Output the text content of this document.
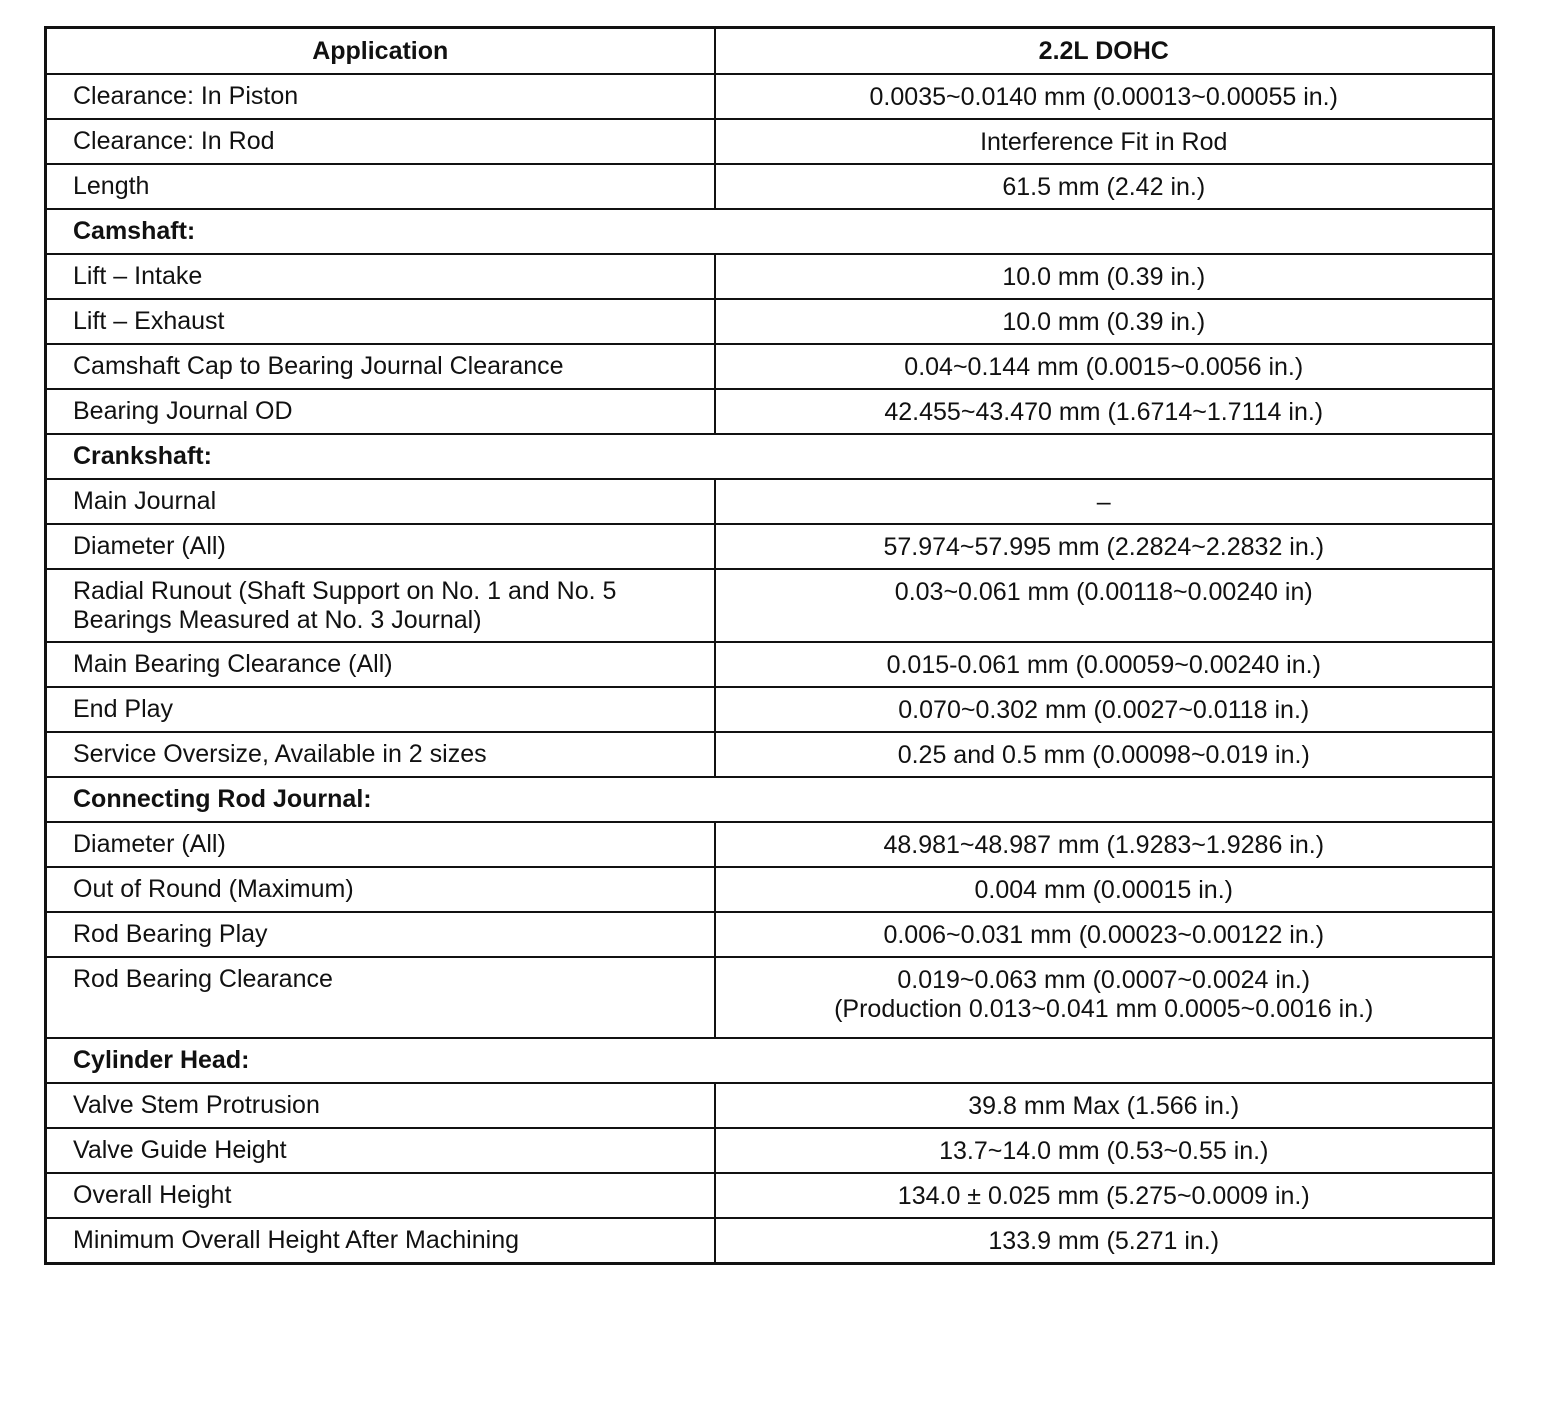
Application	2.2L DOHC
Clearance: In Piston	0.0035~0.0140 mm (0.00013~0.00055 in.)

Clearance: In Rod	Interference Fit in Rod

Length	61.5 mm (2.42 in.)

Camshaft:	
Lift – Intake	10.0 mm (0.39 in.)

Lift – Exhaust	10.0 mm (0.39 in.)

Camshaft Cap to Bearing Journal Clearance	0.04~0.144 mm (0.0015~0.0056 in.)

Bearing Journal OD	42.455~43.470 mm (1.6714~1.7114 in.)

Crankshaft:	
Main Journal	–

Diameter (All)	57.974~57.995 mm (2.2824~2.2832 in.)

Radial Runout (Shaft Support on No. 1 and No. 5 Bearings Measured at No. 3 Journal)	0.03~0.061 mm (0.00118~0.00240 in)

Main Bearing Clearance (All)	0.015-0.061 mm (0.00059~0.00240 in.)

End Play	0.070~0.302 mm (0.0027~0.0118 in.)

Service Oversize, Available in 2 sizes	0.25 and 0.5 mm (0.00098~0.019 in.)

Connecting Rod Journal:	
Diameter (All)	48.981~48.987 mm (1.9283~1.9286 in.)

Out of Round (Maximum)	0.004 mm (0.00015 in.)

Rod Bearing Play	0.006~0.031 mm (0.00023~0.00122 in.)

Rod Bearing Clearance	0.019~0.063 mm (0.0007~0.0024 in.)
(Production 0.013~0.041 mm 0.0005~0.0016 in.)

Cylinder Head:	
Valve Stem Protrusion	39.8 mm Max (1.566 in.)

Valve Guide Height	13.7~14.0 mm (0.53~0.55 in.)

Overall Height	134.0 ± 0.025 mm (5.275~0.0009 in.)

Minimum Overall Height After Machining	133.9 mm (5.271 in.)
